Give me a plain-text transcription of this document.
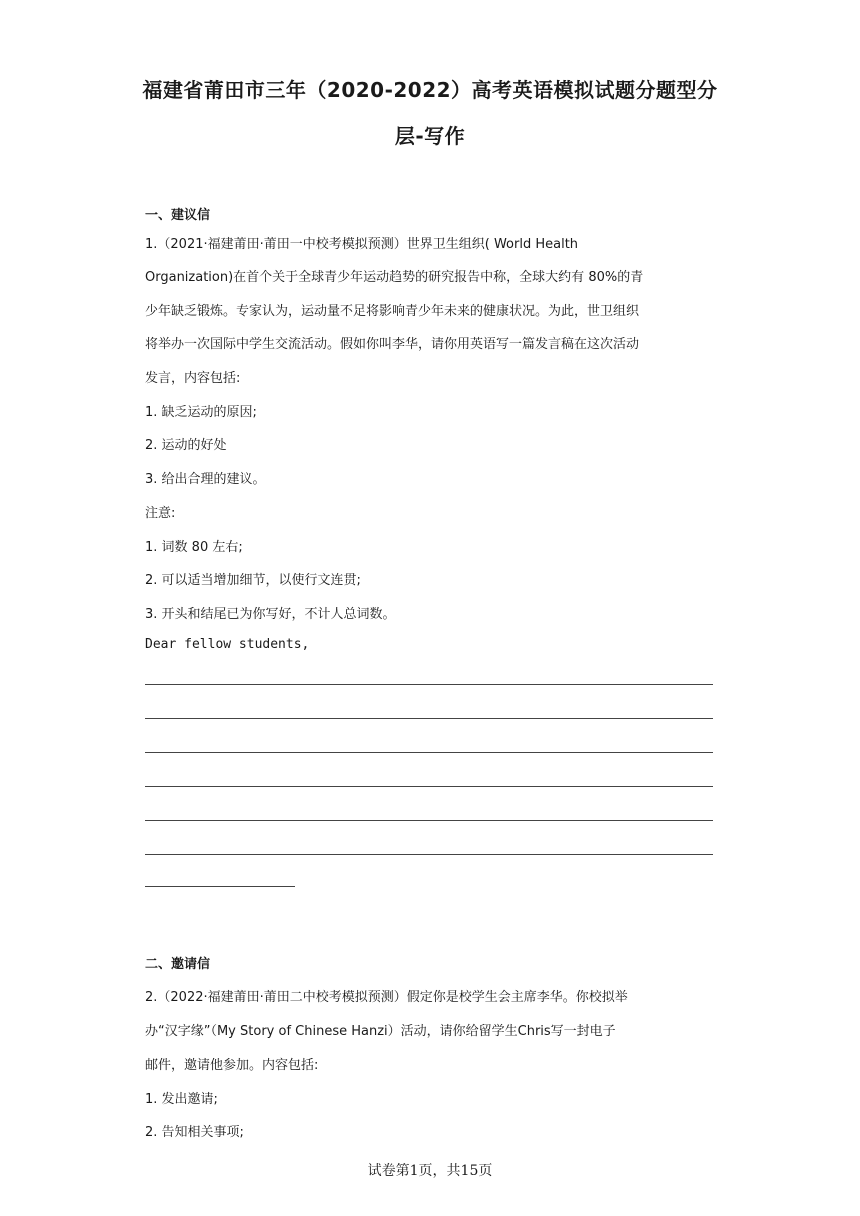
福建省莆田市三年（2020-2022）高考英语模拟试题分题型分
层-写作
一、建议信
1.（2021·福建莆田·莆田一中校考模拟预测）世界卫生组织( World Health
Organization)在首个关于全球青少年运动趋势的研究报告中称，全球大约有 80%的青
少年缺乏锻炼。专家认为，运动量不足将影响青少年未来的健康状况。为此，世卫组织
将举办一次国际中学生交流活动。假如你叫李华，请你用英语写一篇发言稿在这次活动
发言，内容包括:
1. 缺乏运动的原因;
2. 运动的好处
3. 给出合理的建议。
注意:
1. 词数 80 左右;
2. 可以适当增加细节，以使行文连贯;
3. 开头和结尾已为你写好，不计人总词数。
Dear fellow students,
二、邀请信
2.（2022·福建莆田·莆田二中校考模拟预测）假定你是校学生会主席李华。你校拟举
办“汉字缘”（My Story of Chinese Hanzi）活动，请你给留学生Chris写一封电子
邮件，邀请他参加。内容包括:
1. 发出邀请;
2. 告知相关事项;
试卷第1页，共15页
